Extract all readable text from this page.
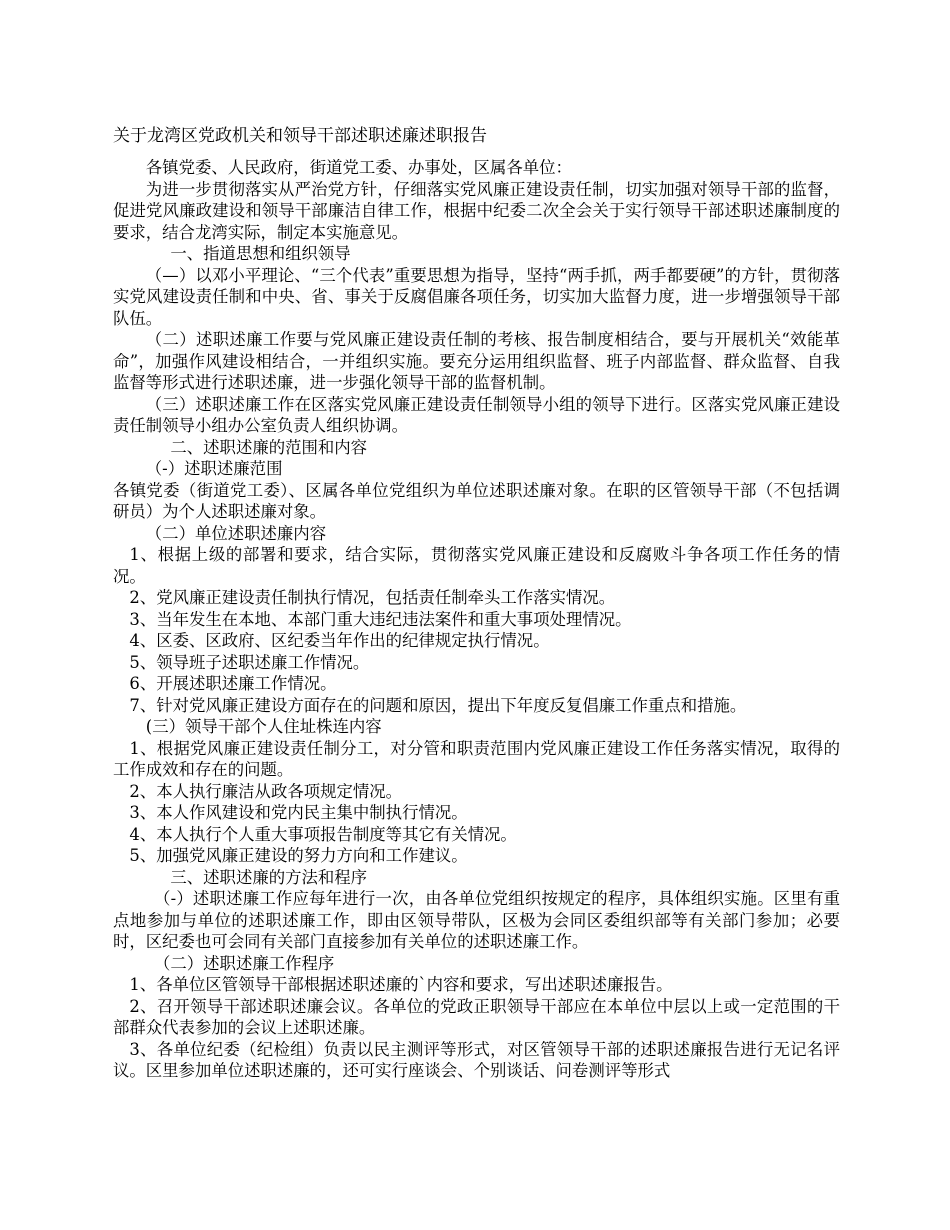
关于龙湾区党政机关和领导干部述职述廉述职报告

各镇党委、人民政府，街道党工委、办事处，区属各单位：

为进一步贯彻落实从严治党方针，仔细落实党风廉正建设责任制，切实加强对领导干部的监督，促进党风廉政建设和领导干部廉洁自律工作，根据中纪委二次全会关于实行领导干部述职述廉制度的要求，结合龙湾实际，制定本实施意见。

一、指道思想和组织领导

（—）以邓小平理论、“三个代表”重要思想为指导，坚持“两手抓，两手都要硬”的方针，贯彻落实党风建设责任制和中央、省、事关于反腐倡廉各项任务，切实加大监督力度，进一步增强领导干部队伍。

（二）述职述廉工作要与党风廉正建设责任制的考核、报告制度相结合，要与开展机关“效能革命”，加强作风建设相结合，一并组织实施。要充分运用组织监督、班子内部监督、群众监督、自我监督等形式进行述职述廉，进一步强化领导干部的监督机制。

（三）述职述廉工作在区落实党风廉正建设责任制领导小组的领导下进行。区落实党风廉正建设责任制领导小组办公室负责人组织协调。

二、述职述廉的范围和内容

（-）述职述廉范围

各镇党委（街道党工委）、区属各单位党组织为单位述职述廉对象。在职的区管领导干部（不包括调研员）为个人述职述廉对象。

（二）单位述职述廉内容

1、根据上级的部署和要求，结合实际，贯彻落实党风廉正建设和反腐败斗争各项工作任务的情况。

2、党风廉正建设责任制执行情况，包括责任制牵头工作落实情况。

3、当年发生在本地、本部门重大违纪违法案件和重大事项处理情况。

4、区委、区政府、区纪委当年作出的纪律规定执行情况。

5、领导班子述职述廉工作情况。

6、开展述职述廉工作情况。

7、针对党风廉正建设方面存在的问题和原因，提出下年度反复倡廉工作重点和措施。

(三）领导干部个人住址株连内容

1、根据党风廉正建设责任制分工，对分管和职责范围内党风廉正建设工作任务落实情况，取得的工作成效和存在的问题。

2、本人执行廉洁从政各项规定情况。

3、本人作风建设和党内民主集中制执行情况。

4、本人执行个人重大事项报告制度等其它有关情况。

5、加强党风廉正建设的努力方向和工作建议。

三、述职述廉的方法和程序

（-）述职述廉工作应每年进行一次，由各单位党组织按规定的程序，具体组织实施。区里有重点地参加与单位的述职述廉工作，即由区领导带队，区极为会同区委组织部等有关部门参加；必要时，区纪委也可会同有关部门直接参加有关单位的述职述廉工作。

（二）述职述廉工作程序

1、各单位区管领导干部根据述职述廉的`内容和要求，写出述职述廉报告。

2、召开领导干部述职述廉会议。各单位的党政正职领导干部应在本单位中层以上或一定范围的干部群众代表参加的会议上述职述廉。

3、各单位纪委（纪检组）负责以民主测评等形式，对区管领导干部的述职述廉报告进行无记名评议。区里参加单位述职述廉的，还可实行座谈会、个别谈话、问卷测评等形式
